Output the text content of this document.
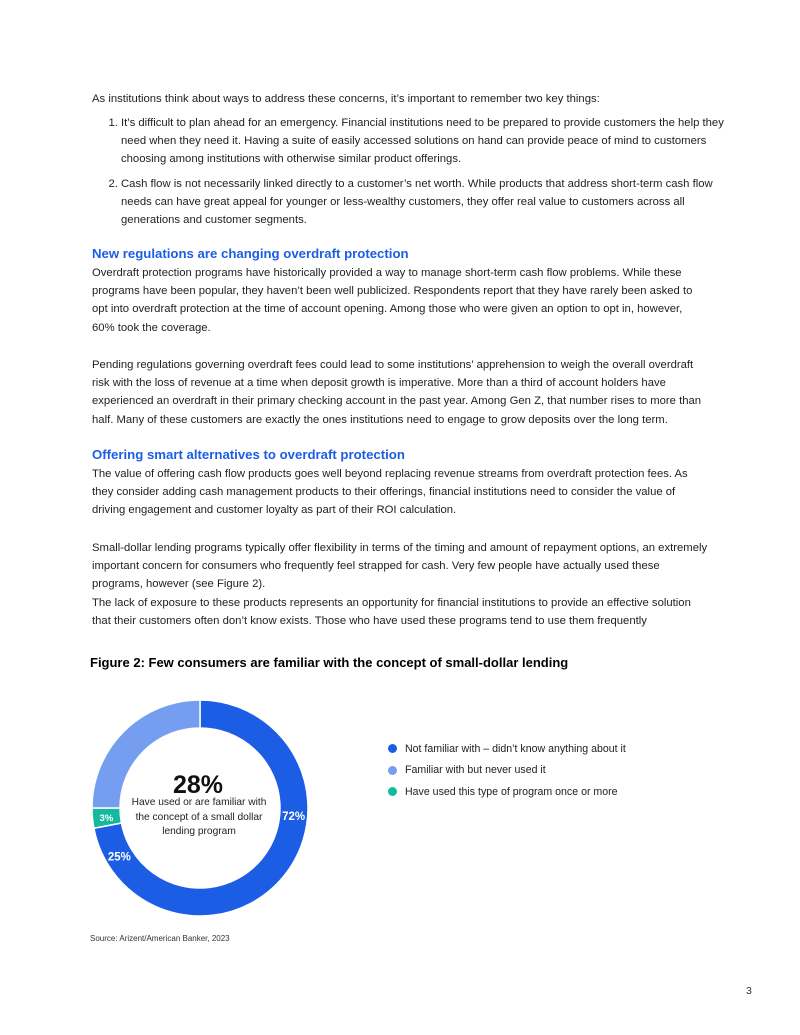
As institutions think about ways to address these concerns, it’s important to remember two key things:

1. It’s difficult to plan ahead for an emergency. Financial institutions need to be prepared to provide customers the help they need when they need it. Having a suite of easily accessed solutions on hand can provide peace of mind to customers choosing among institutions with otherwise similar product offerings.
2. Cash flow is not necessarily linked directly to a customer’s net worth. While products that address short-term cash flow needs can have great appeal for younger or less-wealthy customers, they offer real value to customers across all generations and customer segments.
New regulations are changing overdraft protection

Overdraft protection programs have historically provided a way to manage short-term cash flow problems. While these programs have been popular, they haven’t been well publicized. Respondents report that they have rarely been asked to opt into overdraft protection at the time of account opening. Among those who were given an option to opt in, however, 60% took the coverage.

Pending regulations governing overdraft fees could lead to some institutions’ apprehension to weigh the overall overdraft risk with the loss of revenue at a time when deposit growth is imperative. More than a third of account holders have experienced an overdraft in their primary checking account in the past year. Among Gen Z, that number rises to more than half. Many of these customers are exactly the ones institutions need to engage to grow deposits over the long term.

Offering smart alternatives to overdraft protection

The value of offering cash flow products goes well beyond replacing revenue streams from overdraft protection fees. As they consider adding cash management products to their offerings, financial institutions need to consider the value of driving engagement and customer loyalty as part of their ROI calculation.

Small-dollar lending programs typically offer flexibility in terms of the timing and amount of repayment options, an extremely important concern for consumers who frequently feel strapped for cash. Very few people have actually used these programs, however (see Figure 2).

The lack of exposure to these products represents an opportunity for financial institutions to provide an effective solution that their customers often don’t know exists. Those who have used these programs tend to use them frequently

Figure 2: Few consumers are familiar with the concept of small-dollar lending
72%
3%
25%
28%
Have used or are familiar with the concept of a small dollar lending program
Not familiar with – didn’t know anything about it
Familiar with but never used it
Have used this type of program once or more
Source: Arizent/American Banker, 2023
3
